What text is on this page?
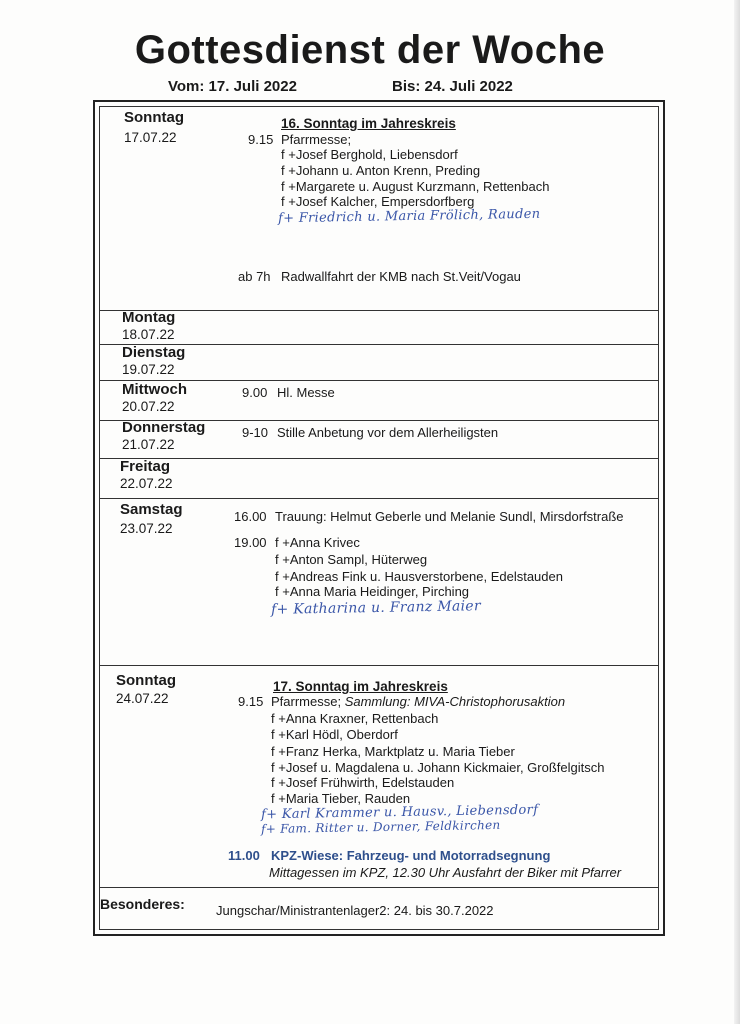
Gottesdienst der Woche
Vom: 17. Juli 2022	Bis: 24. Juli 2022
Sonntag
17.07.22
16. Sonntag im Jahreskreis
9.15 Pfarrmesse;
f +Josef Berghold, Liebensdorf
f +Johann u. Anton Krenn, Preding
f +Margarete u. August Kurzmann, Rettenbach
f +Josef Kalcher, Empersdorfberg
f+ Friedrich u. Maria Frölich, Rauden
ab 7h Radwallfahrt der KMB nach St.Veit/Vogau
Montag
18.07.22
Dienstag
19.07.22
Mittwoch
20.07.22
9.00 Hl. Messe
Donnerstag
21.07.22
9-10 Stille Anbetung vor dem Allerheiligsten
Freitag
22.07.22
Samstag
23.07.22
16.00 Trauung: Helmut Geberle und Melanie Sundl, Mirsdorfstraße
19.00 f +Anna Krivec
f +Anton Sampl, Hüterweg
f +Andreas Fink u. Hausverstorbene, Edelstauden
f +Anna Maria Heidinger, Pirching
f+ Katharina u. Franz Maier
Sonntag
24.07.22
17. Sonntag im Jahreskreis
9.15 Pfarrmesse; Sammlung: MIVA-Christophorusaktion
f +Anna Kraxner, Rettenbach
f +Karl Hödl, Oberdorf
f +Franz Herka, Marktplatz u. Maria Tieber
f +Josef u. Magdalena u. Johann Kickmaier, Großfelgitsch
f +Josef Frühwirth, Edelstauden
f +Maria Tieber, Rauden
f+ Karl Krammer u. Hausv., Liebensdorf
f+ Fam. Ritter u. Dorner, Feldkirchen
11.00 KPZ-Wiese: Fahrzeug- und Motorradsegnung
Mittagessen im KPZ, 12.30 Uhr Ausfahrt der Biker mit Pfarrer
Besonderes: Jungschar/Ministrantenlager2: 24. bis 30.7.2022
